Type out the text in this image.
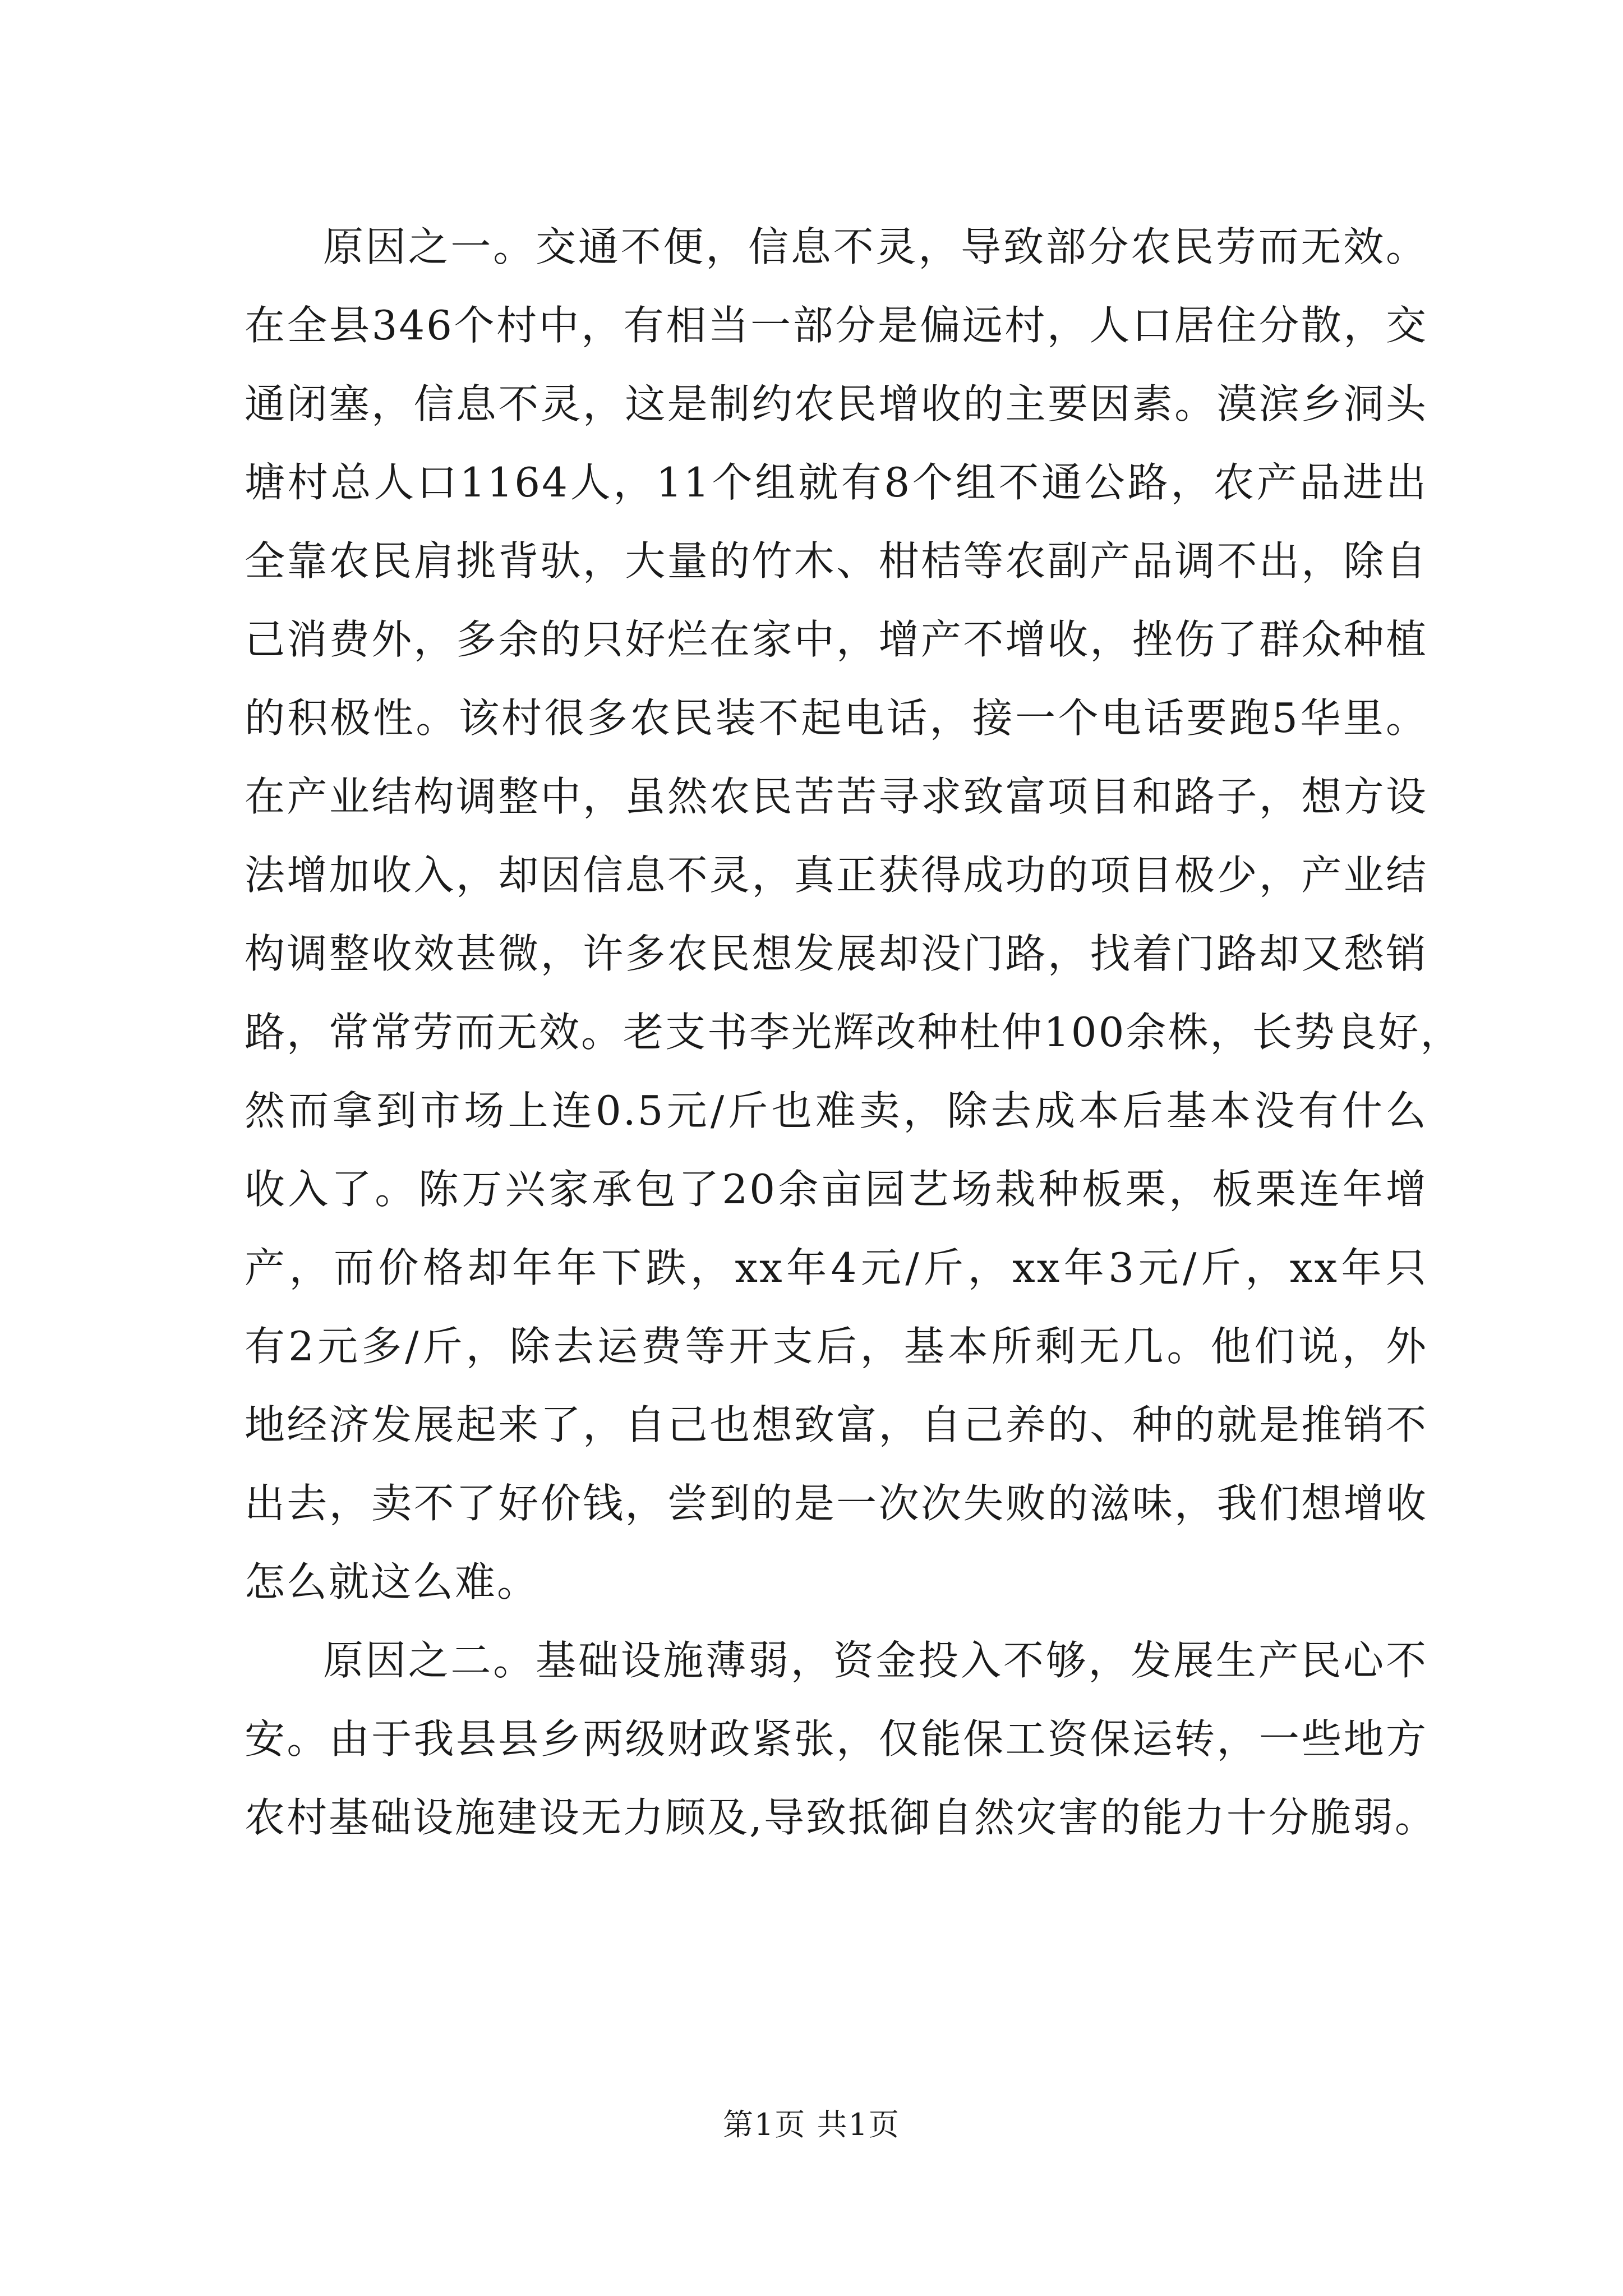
原因之一。交通不便，信息不灵，导致部分农民劳而无效。
在全县346个村中，有相当一部分是偏远村，人口居住分散，交
通闭塞，信息不灵，这是制约农民增收的主要因素。漠滨乡洞头
塘村总人口1164人，11个组就有8个组不通公路，农产品进出
全靠农民肩挑背驮，大量的竹木、柑桔等农副产品调不出，除自
己消费外，多余的只好烂在家中，增产不增收，挫伤了群众种植
的积极性。该村很多农民装不起电话，接一个电话要跑5华里。
在产业结构调整中，虽然农民苦苦寻求致富项目和路子，想方设
法增加收入，却因信息不灵，真正获得成功的项目极少，产业结
构调整收效甚微，许多农民想发展却没门路，找着门路却又愁销
路，常常劳而无效。老支书李光辉改种杜仲100余株，长势良好，
然而拿到市场上连0.5元/斤也难卖，除去成本后基本没有什么
收入了。陈万兴家承包了20余亩园艺场栽种板栗，板栗连年增
产，而价格却年年下跌，xx年4元/斤，xx年3元/斤，xx年只
有2元多/斤，除去运费等开支后，基本所剩无几。他们说，外
地经济发展起来了，自己也想致富，自己养的、种的就是推销不
出去，卖不了好价钱，尝到的是一次次失败的滋味，我们想增收
怎么就这么难。
原因之二。基础设施薄弱，资金投入不够，发展生产民心不
安。由于我县县乡两级财政紧张，仅能保工资保运转，一些地方
农村基础设施建设无力顾及,导致抵御自然灾害的能力十分脆弱。
第1页 共1页
